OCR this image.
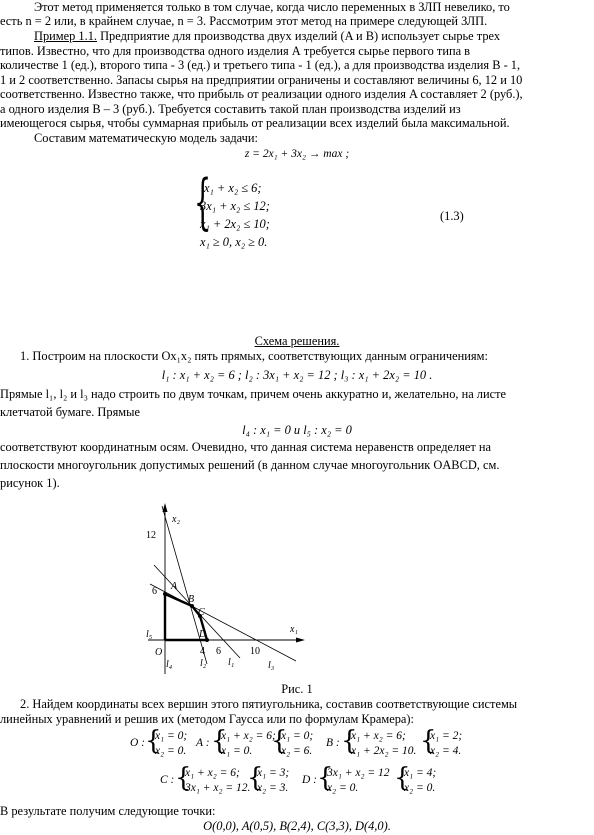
Этот метод применяется только в том случае, когда число переменных в ЗЛП невелико, то
есть n = 2 или, в крайнем случае, n = 3. Рассмотрим этот метод на примере следующей ЗЛП.
Пример 1.1. Предприятие для производства двух изделий (A и B) использует сырье трех
типов. Известно, что для производства одного изделия А требуется сырье первого типа в
количестве 1 (ед.), второго типа - 3 (ед.) и третьего типа - 1 (ед.), а для производства изделия B - 1,
1 и 2 соответственно. Запасы сырья на предприятии ограничены и составляют величины 6, 12 и 10
соответственно. Известно также, что прибыль от реализации одного изделия A составляет 2 (руб.),
а одного изделия В – 3 (руб.). Требуется составить такой план производства изделий из
имеющегося сырья, чтобы суммарная прибыль от реализации всех изделий была максимальной.
Составим математическую модель задачи:
z = 2x₁ + 3x₂ → max ;
{
x₁ + x₂ ≤ 6;
3x₁ + x₂ ≤ 12;
x₁ + 2x₂ ≤ 10;
x₁ ≥ 0, x₂ ≥ 0.
(1.3)
Схема решения.
1. Построим на плоскости Ox₁x₂ пять прямых, соответствующих данным ограничениям:
l₁ : x₁ + x₂ = 6 ; l₂ : 3x₁ + x₂ = 12 ; l₃ : x₁ + 2x₂ = 10 .
Прямые l₁, l₂ и l₃ надо строить по двум точкам, причем очень аккуратно и, желательно, на листе
клетчатой бумаге. Прямые
l₄ : x₁ = 0 и l₅ : x₂ = 0
соответствуют координатным осям. Очевидно, что данная система неравенств определяет на
плоскости многоугольник допустимых решений (в данном случае многоугольник OABCD, см.
рисунок 1).
x₂
x₁
12
6
O	4 6	10
A
B
C
D
l₅
l₄	l₂ l₁	l₃
Рис. 1
2. Найдем координаты всех вершин этого пятиугольника, составив соответствующие системы
линейных уравнений и решив их (методом Гаусса или по формулам Крамера):
O : {
x₁ = 0;
x₂ = 0.
A : {
x₁ + x₂ = 6;
x₁ = 0. {
x₁ = 0;
x₂ = 6.
B : {
x₁ + x₂ = 6;
x₁ + 2x₂ = 10. {
x₁ = 2;
x₂ = 4.
C : {
x₁ + x₂ = 6;
3x₁ + x₂ = 12.
{
x₁ = 3;
x₂ = 3.
D : {
3x₁ + x₂ = 12
x₂ = 0. {
x₁ = 4;
x₂ = 0.
В результате получим следующие точки:
O(0,0), A(0,5), B(2,4), C(3,3), D(4,0).
